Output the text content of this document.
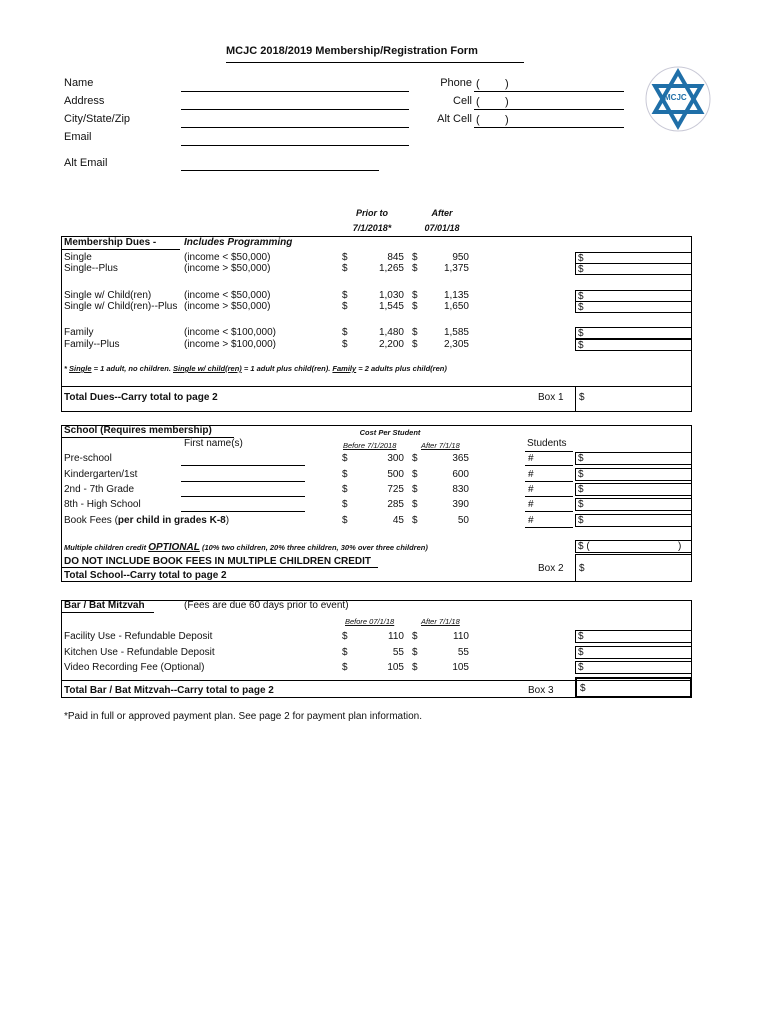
MCJC 2018/2019 Membership/Registration Form
MCJC
Name
Address
City/State/Zip
Email
Alt Email
Phone
Cell
Alt Cell
( )
( )
( )
Prior to
7/1/2018*
After
07/01/18
Membership Dues -	Includes Programming
Single	(income < $50,000)	$	845 $	950	$
Single--Plus	(income > $50,000)	$	1,265 $	1,375	$
Single w/ Child(ren)	(income < $50,000)	$	1,030 $	1,135	$
Single w/ Child(ren)--Plus (income > $50,000)	$	1,545 $	1,650	$
Family	(income < $100,000)	$	1,480 $	1,585	$
Family--Plus	(income > $100,000)	$	2,200 $	2,305	$
* Single = 1 adult, no children. Single w/ child(ren) = 1 adult plus child(ren). Family = 2 adults plus child(ren)
Total Dues--Carry total to page 2	Box 1 $
School (Requires membership)
First name(s)
Cost Per Student
Before 7/1/2018	After 7/1/18	Students
Pre-school	$	300 $	365	#	$
Kindergarten/1st	$	500 $	600	#	$
2nd - 7th Grade	$	725 $	830	#	$
8th - High School	$	285 $	390	#	$
Book Fees (per child in grades K-8)	$	45 $	50	#	$
Multiple children credit OPTIONAL (10% two children, 20% three children, 30% over three children)	$ (	)
DO NOT INCLUDE BOOK FEES IN MULTIPLE CHILDREN CREDIT
Total School--Carry total to page 2
Box 2 $
Bar / Bat Mitzvah	(Fees are due 60 days prior to event)
Before 07/1/18	After 7/1/18
Facility Use - Refundable Deposit	$	110 $	110	$
Kitchen Use - Refundable Deposit	$	55 $	55	$
Video Recording Fee (Optional)	$	105 $	105	$
Total Bar / Bat Mitzvah--Carry total to page 2	Box 3	$
*Paid in full or approved payment plan. See page 2 for payment plan information.
